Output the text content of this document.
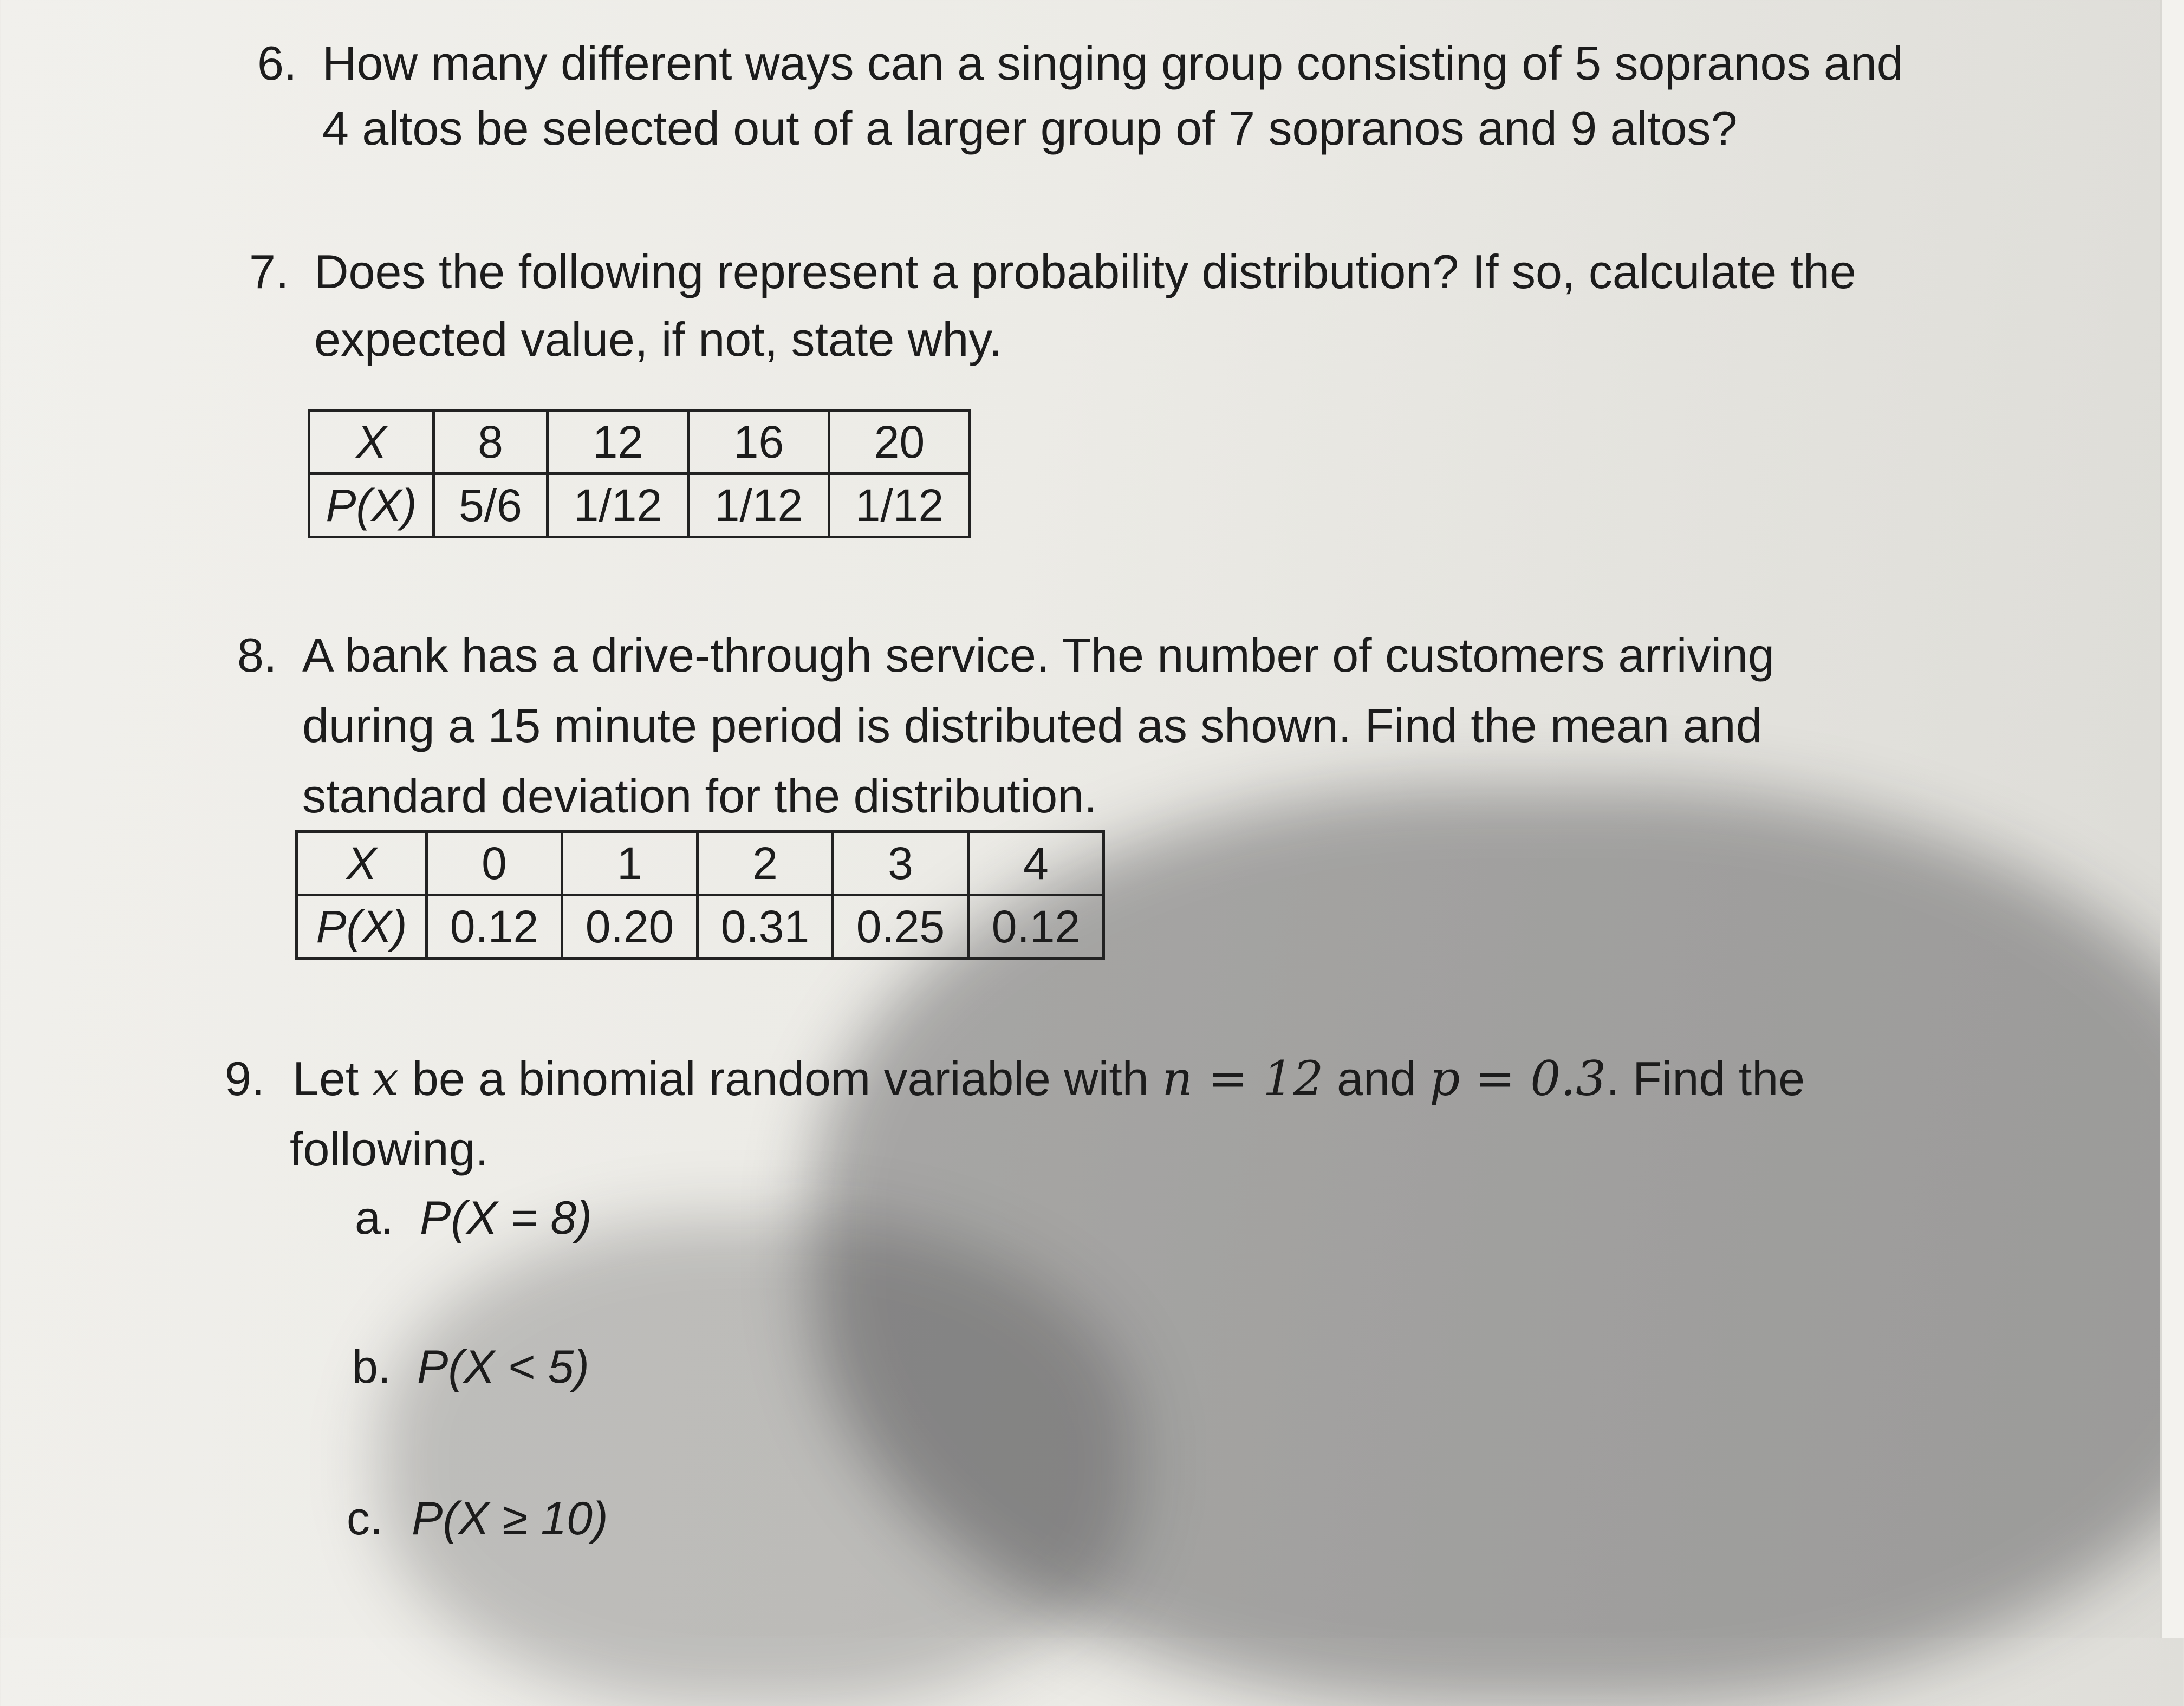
6. How many different ways can a singing group consisting of 5 sopranos and
4 altos be selected out of a larger group of 7 sopranos and 9 altos?
7. Does the following represent a probability distribution? If so, calculate the
expected value, if not, state why.
X	8	12	16	20
P(X)	5/6	1/12	1/12	1/12
8. A bank has a drive-through service. The number of customers arriving
during a 15 minute period is distributed as shown. Find the mean and
standard deviation for the distribution.
X	0	1	2	3	4
P(X)	0.12	0.20	0.31	0.25	0.12
9. Let x be a binomial random variable with n = 12 and p = 0.3. Find the
following.
a. P(X = 8)
b. P(X < 5)
c. P(X ≥ 10)
